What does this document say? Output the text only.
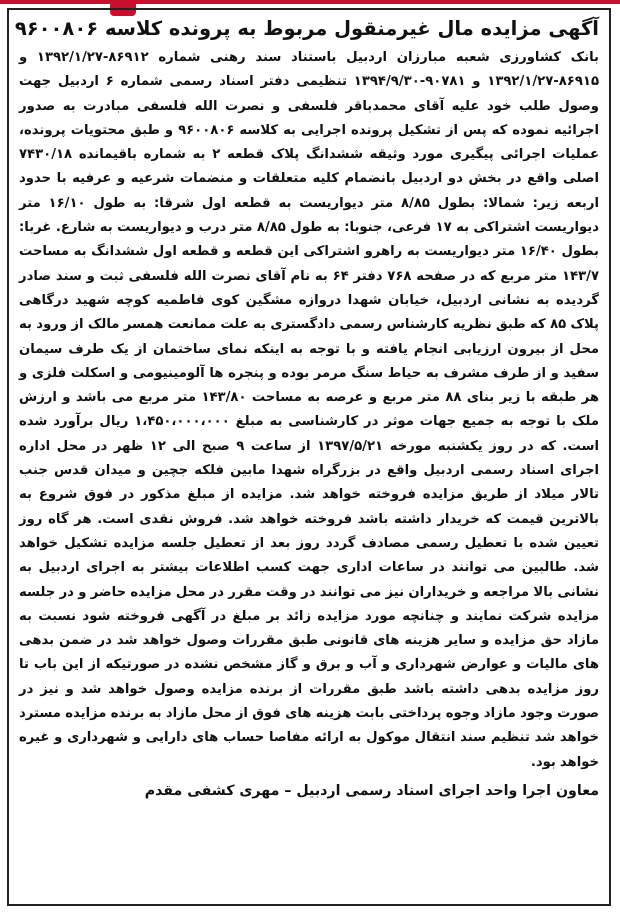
آگهی مزایده مال غیرمنقول مربوط به پرونده کلاسه ۹۶۰۰۸۰۶

بانک کشاورزی شعبه مبارزان اردبیل باستناد سند رهنی شماره ۸۶۹۱۲-۱۳۹۲/۱/۲۷ و ۸۶۹۱۵-۱۳۹۲/۱/۲۷ و ۹۰۷۸۱-۱۳۹۴/۹/۳۰ تنظیمی دفتر اسناد رسمی شماره ۶ اردبیل جهت وصول طلب خود علیه آقای محمدباقر فلسفی و نصرت الله فلسفی مبادرت به صدور اجرائیه نموده که پس از تشکیل پرونده اجرایی به کلاسه ۹۶۰۰۸۰۶ و طبق محتویات پرونده، عملیات اجرائی پیگیری مورد وثیقه ششدانگ پلاک قطعه ۲ به شماره باقیمانده ۷۴۳۰/۱۸ اصلی واقع در بخش دو اردبیل بانضمام کلیه متعلقات و منضمات شرعیه و عرفیه با حدود اربعه زیر: شمالا: بطول ۸/۸۵ متر دیواریست به قطعه اول شرقا: به طول ۱۶/۱۰ متر دیواریست اشتراکی به ۱۷ فرعی، جنوبا: به طول ۸/۸۵ متر درب و دیواریست به شارع. غربا: بطول ۱۶/۴۰ متر دیواریست به راهرو اشتراکی این قطعه و قطعه اول ششدانگ به مساحت ۱۴۳/۷ متر مربع که در صفحه ۷۶۸ دفتر ۶۴ به نام آقای نصرت الله فلسفی ثبت و سند صادر گردیده به نشانی اردبیل، خیابان شهدا دروازه مشگین کوی فاطمیه کوچه شهید درگاهی پلاک ۸۵ که طبق نظریه کارشناس رسمی دادگستری به علت ممانعت همسر مالک از ورود به محل از بیرون ارزیابی انجام یافته و با توجه به اینکه نمای ساختمان از یک طرف سیمان سفید و از طرف مشرف به حیاط سنگ مرمر بوده و پنجره ها آلومینیومی و اسکلت فلزی و هر طبقه با زیر بنای ۸۸ متر مربع و عرصه به مساحت ۱۴۳/۸۰ متر مربع می باشد و ارزش ملک با توجه به جمیع جهات موثر در کارشناسی به مبلغ ۱،۴۵۰،۰۰۰،۰۰۰ ریال برآورد شده است. که در روز یکشنبه مورخه ۱۳۹۷/۵/۲۱ از ساعت ۹ صبح الی ۱۲ ظهر در محل اداره اجرای اسناد رسمی اردبیل واقع در بزرگراه شهدا مابین فلکه جچین و میدان قدس جنب تالار میلاد از طریق مزایده فروخته خواهد شد. مزایده از مبلغ مذکور در فوق شروع به بالاترین قیمت که خریدار داشته باشد فروخته خواهد شد. فروش نقدی است. هر گاه روز تعیین شده با تعطیل رسمی مصادف گردد روز بعد از تعطیل جلسه مزایده تشکیل خواهد شد. طالبین می توانند در ساعات اداری جهت کسب اطلاعات بیشتر به اجرای اردبیل به نشانی بالا مراجعه و خریداران نیز می توانند در وقت مقرر در محل مزایده حاضر و در جلسه مزایده شرکت نمایند و چنانچه مورد مزایده زائد بر مبلغ در آگهی فروخته شود نسبت به مازاد حق مزایده و سایر هزینه های قانونی طبق مقررات وصول خواهد شد در ضمن بدهی های مالیات و عوارض شهرداری و آب و برق و گاز مشخص نشده در صورتیکه از این باب تا روز مزایده بدهی داشته باشد طبق مقررات از برنده مزایده وصول خواهد شد و نیز در صورت وجود مازاد وجوه پرداختی بابت هزینه های فوق از محل مازاد به برنده مزایده مسترد خواهد شد تنظیم سند انتقال موکول به ارائه مفاصا حساب های دارایی و شهرداری و غیره خواهد بود.

معاون اجرا واحد اجرای اسناد رسمی اردبیل – مهری کشفی مقدم
